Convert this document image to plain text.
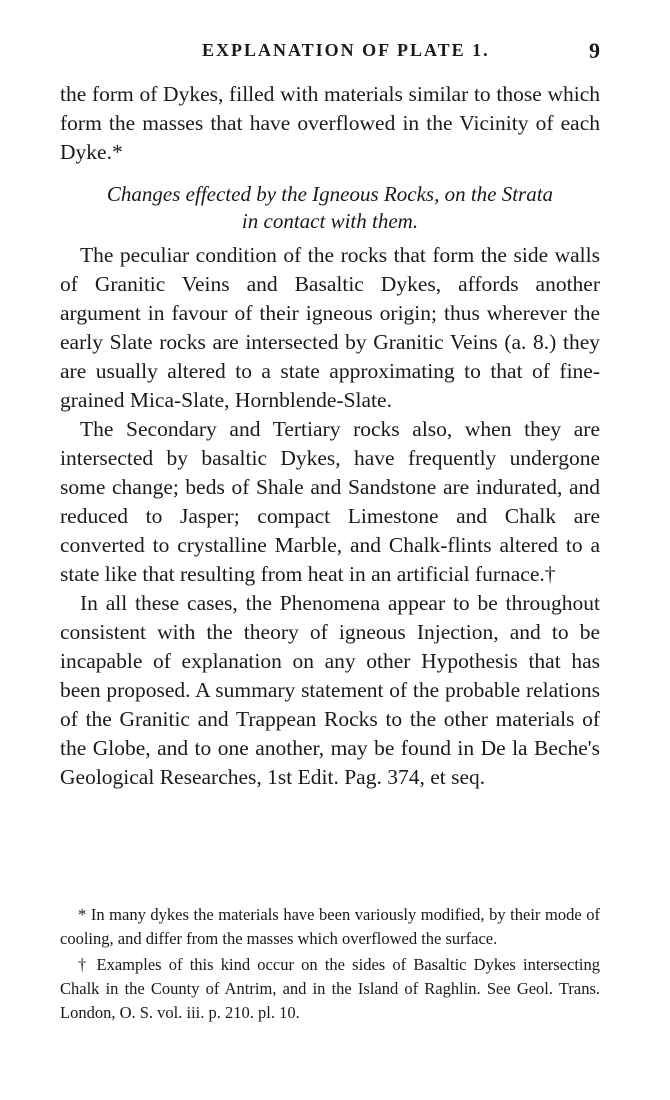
EXPLANATION OF PLATE 1.	9

the form of Dykes, filled with materials similar to those which form the masses that have overflowed in the Vicinity of each Dyke.*

Changes effected by the Igneous Rocks, on the Strata
in contact with them.

The peculiar condition of the rocks that form the side walls of Granitic Veins and Basaltic Dykes, affords another argument in favour of their igneous origin; thus wherever the early Slate rocks are intersected by Granitic Veins (a. 8.) they are usually altered to a state approximating to that of fine-grained Mica-Slate, Hornblende-Slate.

The Secondary and Tertiary rocks also, when they are intersected by basaltic Dykes, have frequently undergone some change; beds of Shale and Sandstone are indurated, and reduced to Jasper; compact Limestone and Chalk are converted to crystalline Marble, and Chalk-flints altered to a state like that resulting from heat in an artificial furnace.†

In all these cases, the Phenomena appear to be throughout consistent with the theory of igneous Injection, and to be incapable of explanation on any other Hypothesis that has been proposed. A summary statement of the probable relations of the Granitic and Trappean Rocks to the other materials of the Globe, and to one another, may be found in De la Beche's Geological Researches, 1st Edit. Pag. 374, et seq.

* In many dykes the materials have been variously modified, by their mode of cooling, and differ from the masses which overflowed the surface.

† Examples of this kind occur on the sides of Basaltic Dykes intersecting Chalk in the County of Antrim, and in the Island of Raghlin. See Geol. Trans. London, O. S. vol. iii. p. 210. pl. 10.
